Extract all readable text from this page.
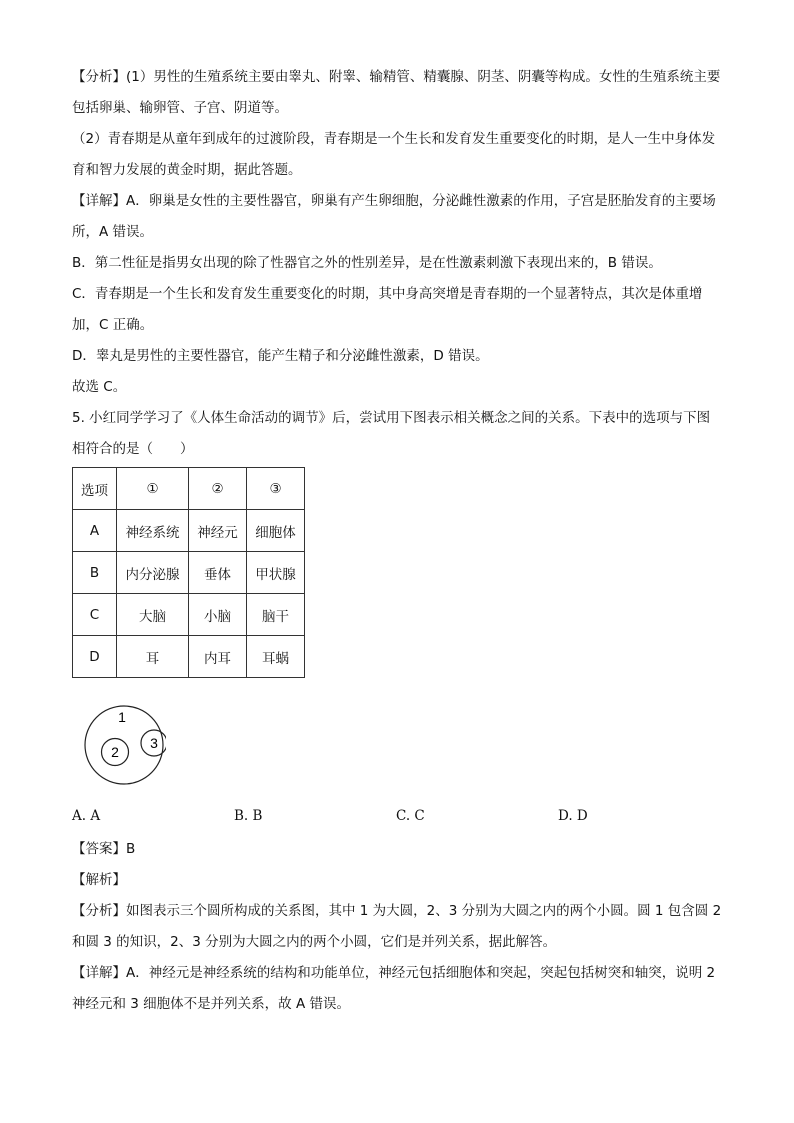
【分析】(1）男性的生殖系统主要由睾丸、附睾、输精管、精囊腺、阴茎、阴囊等构成。女性的生殖系统主要包括卵巢、输卵管、子宫、阴道等。

（2）青春期是从童年到成年的过渡阶段，青春期是一个生长和发育发生重要变化的时期，是人一生中身体发育和智力发展的黄金时期，据此答题。

【详解】A．卵巢是女性的主要性器官，卵巢有产生卵细胞，分泌雌性激素的作用，子宫是胚胎发育的主要场所，A 错误。

B．第二性征是指男女出现的除了性器官之外的性别差异，是在性激素刺激下表现出来的，B 错误。

C．青春期是一个生长和发育发生重要变化的时期，其中身高突增是青春期的一个显著特点，其次是体重增加，C 正确。

D．睾丸是男性的主要性器官，能产生精子和分泌雌性激素，D 错误。

故选 C。

5. 小红同学学习了《人体生命活动的调节》后，尝试用下图表示相关概念之间的关系。下表中的选项与下图相符合的是（　　）

选项	①	②	③
A	神经系统	神经元	细胞体
B	内分泌腺	垂体	甲状腺
C	大脑	小脑	脑干
D	耳	内耳	耳蜗
1
2
3
A. A	B. B	C. C	D. D

【答案】B

【解析】

【分析】如图表示三个圆所构成的关系图，其中 1 为大圆，2、3 分别为大圆之内的两个小圆。圆 1 包含圆 2 和圆 3 的知识，2、3 分别为大圆之内的两个小圆，它们是并列关系，据此解答。

【详解】A．神经元是神经系统的结构和功能单位，神经元包括细胞体和突起，突起包括树突和轴突，说明 2 神经元和 3 细胞体不是并列关系，故 A 错误。
